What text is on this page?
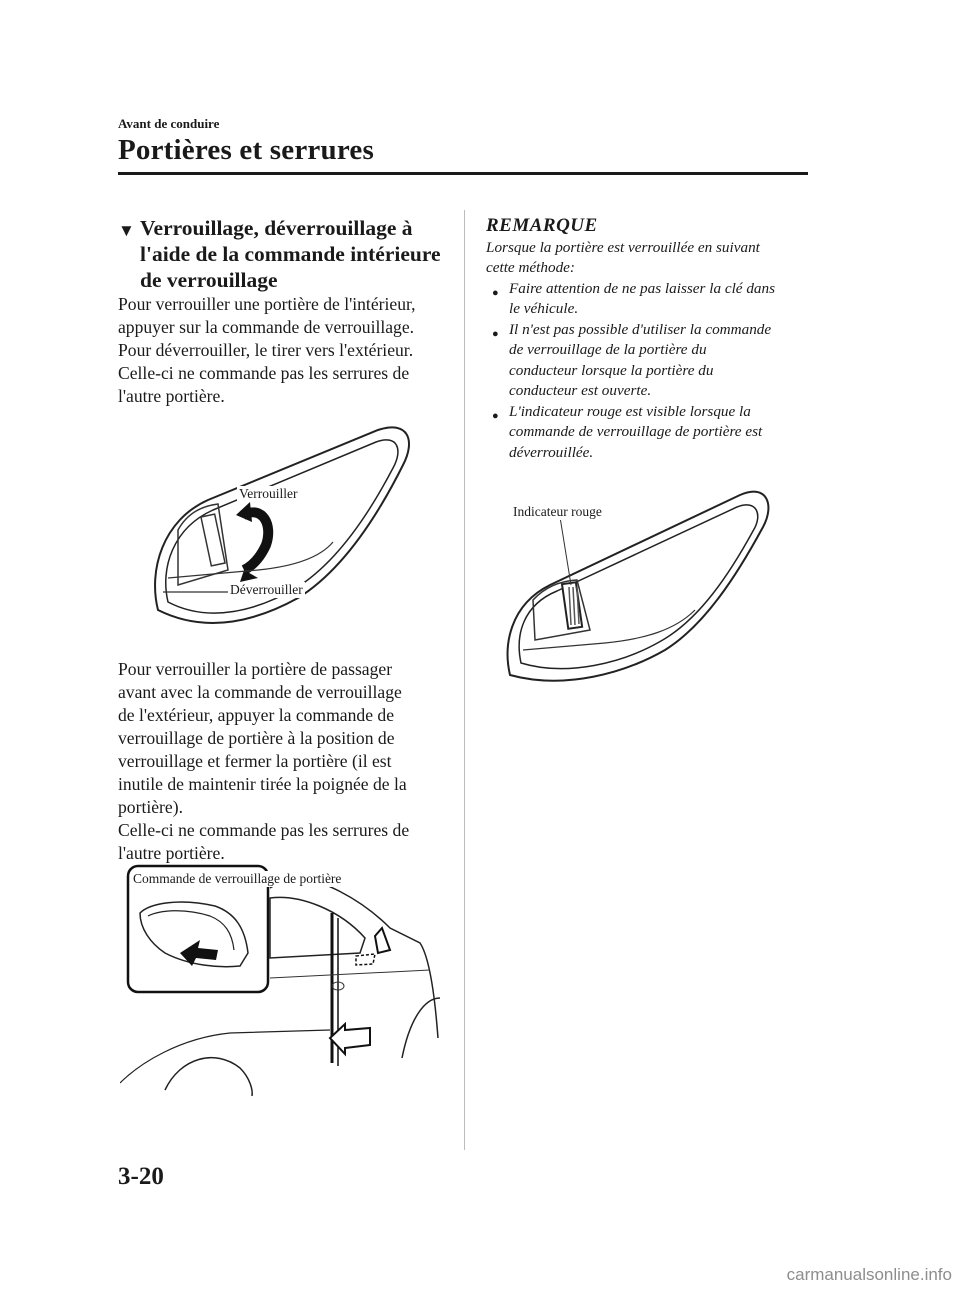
Avant de conduire
Portières et serrures
▼ Verrouillage, déverrouillage à
l'aide de la commande intérieure
de verrouillage
Pour verrouiller une portière de l'intérieur,
appuyer sur la commande de verrouillage.
Pour déverrouiller, le tirer vers l'extérieur.
Celle-ci ne commande pas les serrures de
l'autre portière.
Verrouiller
Déverrouiller
Pour verrouiller la portière de passager
avant avec la commande de verrouillage
de l'extérieur, appuyer la commande de
verrouillage de portière à la position de
verrouillage et fermer la portière (il est
inutile de maintenir tirée la poignée de la
portière).
Celle-ci ne commande pas les serrures de
l'autre portière.
Commande de verrouillage de portière
REMARQUE
Lorsque la portière est verrouillée en suivant
cette méthode:
● Faire attention de ne pas laisser la clé dans
le véhicule.
● Il n'est pas possible d'utiliser la commande
de verrouillage de la portière du
conducteur lorsque la portière du
conducteur est ouverte.
● L'indicateur rouge est visible lorsque la
commande de verrouillage de portière est
déverrouillée.
Indicateur rouge
3-20
carmanualsonline.info
